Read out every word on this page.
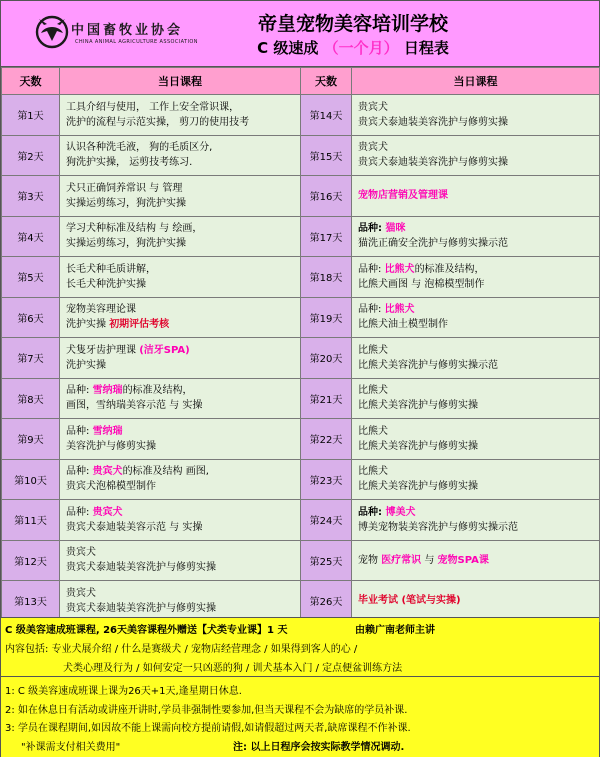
中国畜牧业协会
CHINA ANIMAL AGRICULTURE ASSOCIATION
帝皇宠物美容培训学校
C 级速成 （一个月） 日程表
天数	当日课程	天数	当日课程
第1天	工具介绍与使用， 工作上安全常识课，
洗护的流程与示范实操， 剪刀的使用技考	第14天	贵宾犬
贵宾犬泰迪装美容洗护与修剪实操
第2天	认识各种洗毛液， 狗的毛质区分,
狗洗护实操， 运剪技考练习.	第15天	贵宾犬
贵宾犬泰迪装美容洗护与修剪实操
第3天	犬只正确饲养常识 与 管理
实操运剪练习，狗洗护实操	第16天	宠物店营销及管理课
第4天	学习犬种标准及结构 与 绘画，
实操运剪练习，狗洗护实操	第17天	品种: 猫咪
猫洗正确安全洗护与修剪实操示范
第5天	长毛犬种毛质讲解，
长毛犬种洗护实操	第18天	品种: 比熊犬的标准及结构，
比熊犬画图 与 泡棉模型制作
第6天	宠物美容理论课
洗护实操 初期评估考核	第19天	品种: 比熊犬
比熊犬油土模型制作
第7天	犬隻牙齿护理课 (洁牙SPA)
洗护实操	第20天	比熊犬
比熊犬美容洗护与修剪实操示范
第8天	品种: 雪纳瑞的标准及结构，
画图，雪纳瑞美容示范 与 实操	第21天	比熊犬
比熊犬美容洗护与修剪实操
第9天	品种: 雪纳瑞
美容洗护与修剪实操	第22天	比熊犬
比熊犬美容洗护与修剪实操
第10天	品种: 贵宾犬的标准及结构 画图,
贵宾犬泡棉模型制作	第23天	比熊犬
比熊犬美容洗护与修剪实操
第11天	品种: 贵宾犬
贵宾犬泰迪装美容示范 与 实操	第24天	品种: 博美犬
博美宠物装美容洗护与修剪实操示范
第12天	贵宾犬
贵宾犬泰迪装美容洗护与修剪实操	第25天	宠物 医疗常识 与 宠物SPA课
第13天	贵宾犬
贵宾犬泰迪装美容洗护与修剪实操	第26天	毕业考试 (笔试与实操)
C 级美容速成班课程, 26天美容课程外赠送【犬类专业课】1 天	由赖广南老师主讲
内容包括: 专业犬展介绍 / 什么是赛级犬 / 宠物店经营理念 / 如果得到客人的心 /
犬类心理及行为 / 如何安定一只凶恶的狗 / 训犬基本入门 / 定点便盆训练方法
1: C 级美容速成班课上课为26天+1天,逢星期日休息.
2: 如在休息日有活动或讲座开讲时,学员非强制性要参加,但当天课程不会为缺席的学员补课.
3: 学员在课程期间,如因故不能上课需向校方提前请假,如请假超过两天者,缺席课程不作补课.
"补课需支付相关费用"	注: 以上日程序会按实际教学情况调动.
